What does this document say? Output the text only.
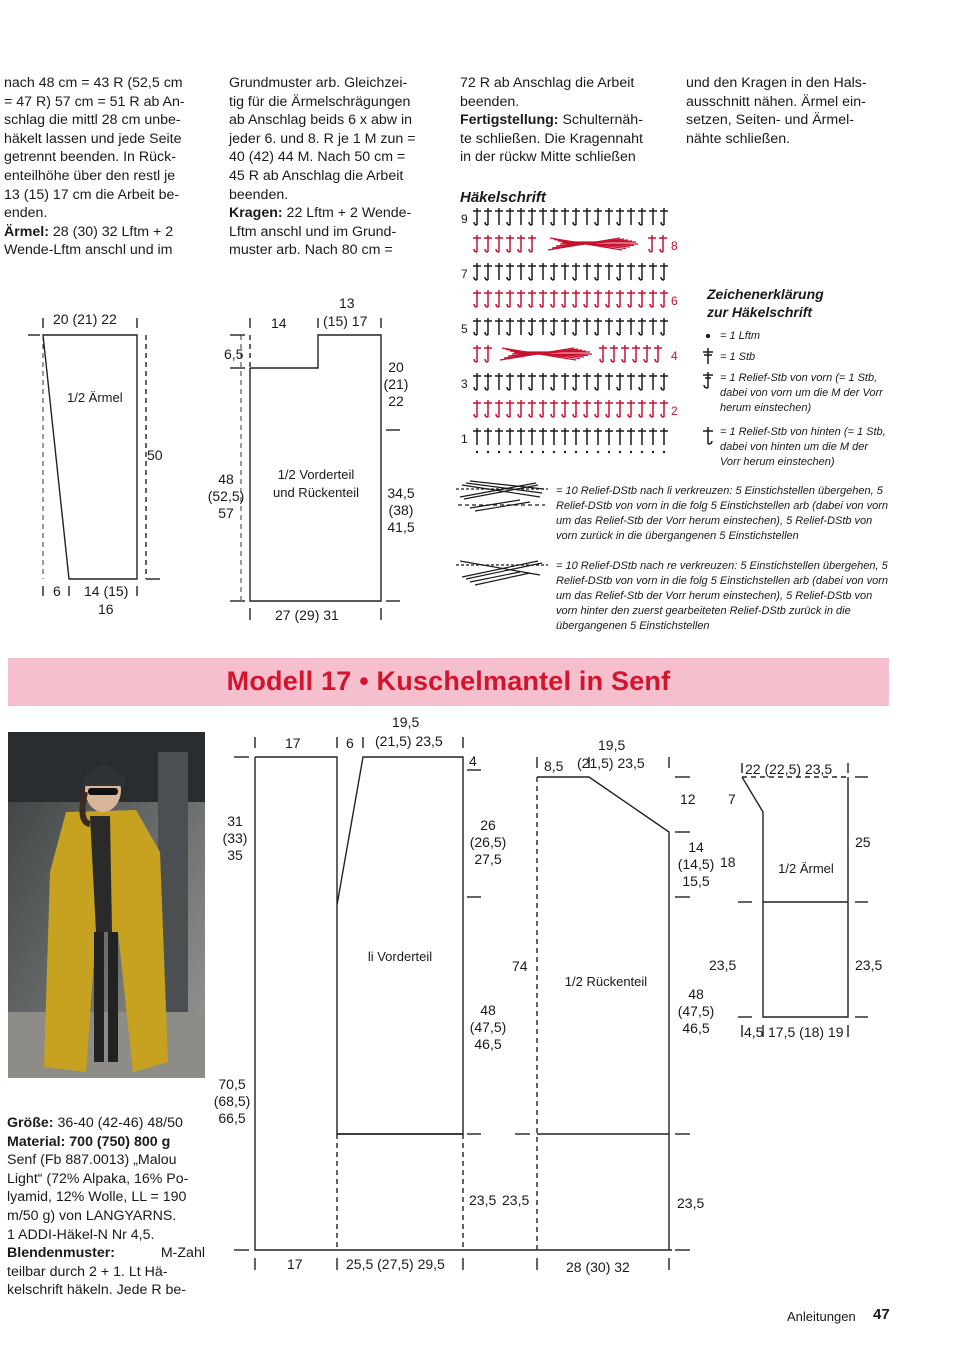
nach 48 cm = 43 R (52,5 cm

= 47 R) 57 cm = 51 R ab An-

schlag die mittl 28 cm unbe-

häkelt lassen und jede Seite

getrennt beenden. In Rück-

enteilhöhe über den restl je

13 (15) 17 cm die Arbeit be-

enden.

Ärmel: 28 (30) 32 Lftm + 2

Wende-Lftm anschl und im

Grundmuster arb. Gleichzei-

tig für die Ärmelschrägungen

ab Anschlag beids 6 x abw in

jeder 6. und 8. R je 1 M zun =

40 (42) 44 M. Nach 50 cm =

45 R ab Anschlag die Arbeit

beenden.

Kragen: 22 Lftm + 2 Wende-

Lftm anschl und im Grund-

muster arb. Nach 80 cm =

72 R ab Anschlag die Arbeit

beenden.

Fertigstellung: Schulternäh-

te schließen. Die Kragennaht

in der rückw Mitte schließen

und den Kragen in den Hals-

ausschnitt nähen. Ärmel ein-

setzen, Seiten- und Ärmel-

nähte schließen.

Häkelschrift
9
7
5
3
1
8
6
4
2
Zeichenerklärung
zur Häkelschrift
= 1 Lftm
= 1 Stb
= 1 Relief-Stb von vorn (= 1 Stb, dabei von vorn um die M der Vorr herum einstechen)
= 1 Relief-Stb von hinten (= 1 Stb, dabei von hinten um die M der Vorr herum einstechen)
= 10 Relief-DStb nach li verkreuzen: 5 Einstichstellen übergehen, 5 Relief-DStb von vorn in die folg 5 Einstichstellen arb (dabei von vorn um das Relief-Stb der Vorr herum einstechen), 5 Relief-DStb von vorn zurück in die übergangenen 5 Einstichstellen
= 10 Relief-DStb nach re verkreuzen: 5 Einstichstellen übergehen, 5 Relief-DStb von vorn in die folg 5 Einstichstellen arb (dabei von vorn um das Relief-Stb der Vorr herum einstechen), 5 Relief-DStb von vorn hinter den zuerst gearbeiteten Relief-DStb zurück in die übergangenen 5 Einstichstellen
20 (21) 22
1/2 Ärmel
50
6 14 (15)
16
13
14	(15) 17
6,5
20
(21)
22
1/2 Vorderteil
und Rückenteil
48
(52,5)
57
34,5
(38)
41,5
27 (29) 31
Modell 17 • Kuschelmantel in Senf

Größe: 36-40 (42-46) 48/50

Material: 700 (750) 800 g

Senf (Fb 887.0013) „Malou

Light“ (72% Alpaka, 16% Po-

lyamid, 12% Wolle, LL = 190

m/50 g) von LANGYARNS.

1 ADDI-Häkel-N Nr 4,5.

Blendenmuster:	M-Zahl

teilbar durch 2 + 1. Lt Hä-

kelschrift häkeln. Jede R be-

19,5
17	6 (21,5) 23,5
4
31
(33)
35
26
(26,5)
27,5
li Vorderteil
48
(47,5)
46,5
70,5
(68,5)
66,5
23,5
17	25,5 (27,5) 29,5
19,5
8,5 (21,5) 23,5
12
14
(14,5)
15,5
74
1/2 Rückenteil
48
(47,5)
46,5
23,5	23,5
28 (30) 32
22 (22,5) 23,5
7
25
18	1/2 Ärmel
23,5	23,5
4,5 17,5 (18) 19
Anleitungen 47
